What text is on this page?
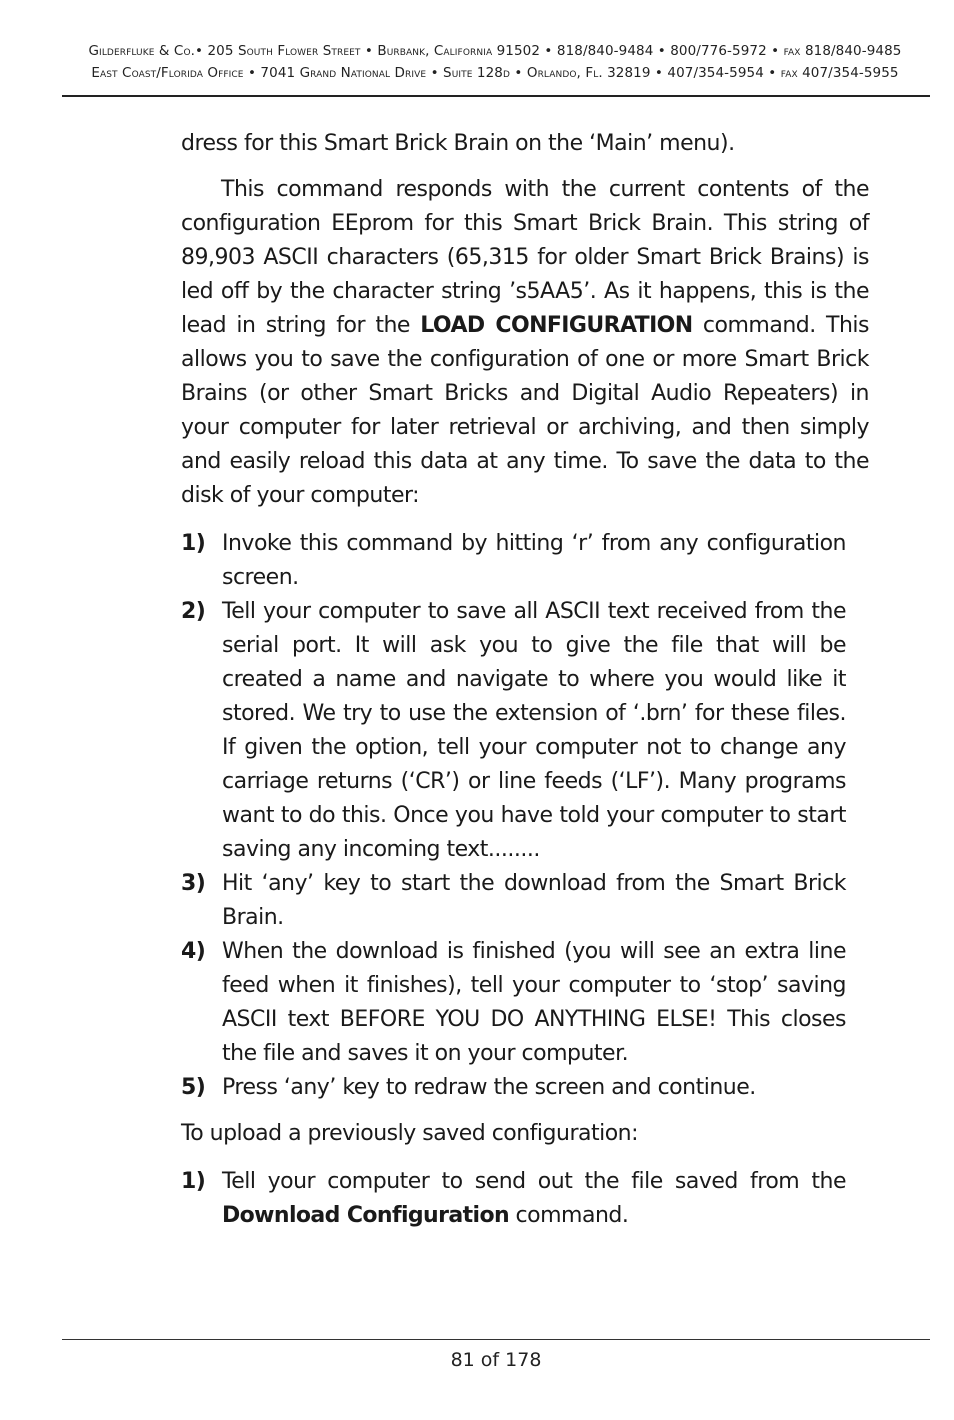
Gilderfluke & Co.• 205 South Flower Street • Burbank, California 91502 • 818/840-9484 • 800/776-5972 • fax 818/840-9485
East Coast/Florida Office • 7041 Grand National Drive • Suite 128d • Orlando, Fl. 32819 • 407/354-5954 • fax 407/354-5955

dress for this Smart Brick Brain on the ‘Main’ menu).

This command responds with the current contents of the configuration EEprom for this Smart Brick Brain. This string of 89,903 ASCII characters (65,315 for older Smart Brick Brains) is led off by the character string ’s5AA5’. As it happens, this is the lead in string for the LOAD CONFIGURATION command. This allows you to save the configuration of one or more Smart Brick Brains (or other Smart Bricks and Digital Audio Repeaters) in your computer for later retrieval or archiving, and then simply and easily reload this data at any time. To save the data to the disk of your computer:

1) Invoke this command by hitting ‘r’ from any configuration screen.
2) Tell your computer to save all ASCII text received from the serial port. It will ask you to give the file that will be created a name and navigate to where you would like it stored. We try to use the extension of ‘.brn’ for these files. If given the option, tell your computer not to change any carriage returns (‘CR’) or line feeds (‘LF’). Many programs want to do this. Once you have told your computer to start saving any incoming text........
3) Hit ‘any’ key to start the download from the Smart Brick Brain.
4) When the download is finished (you will see an extra line feed when it finishes), tell your computer to ‘stop’ saving ASCII text BEFORE YOU DO ANYTHING ELSE! This closes the file and saves it on your computer.
5) Press ‘any’ key to redraw the screen and continue.

To upload a previously saved configuration:

1) Tell your computer to send out the file saved from the Download Configuration command.
81 of 178
